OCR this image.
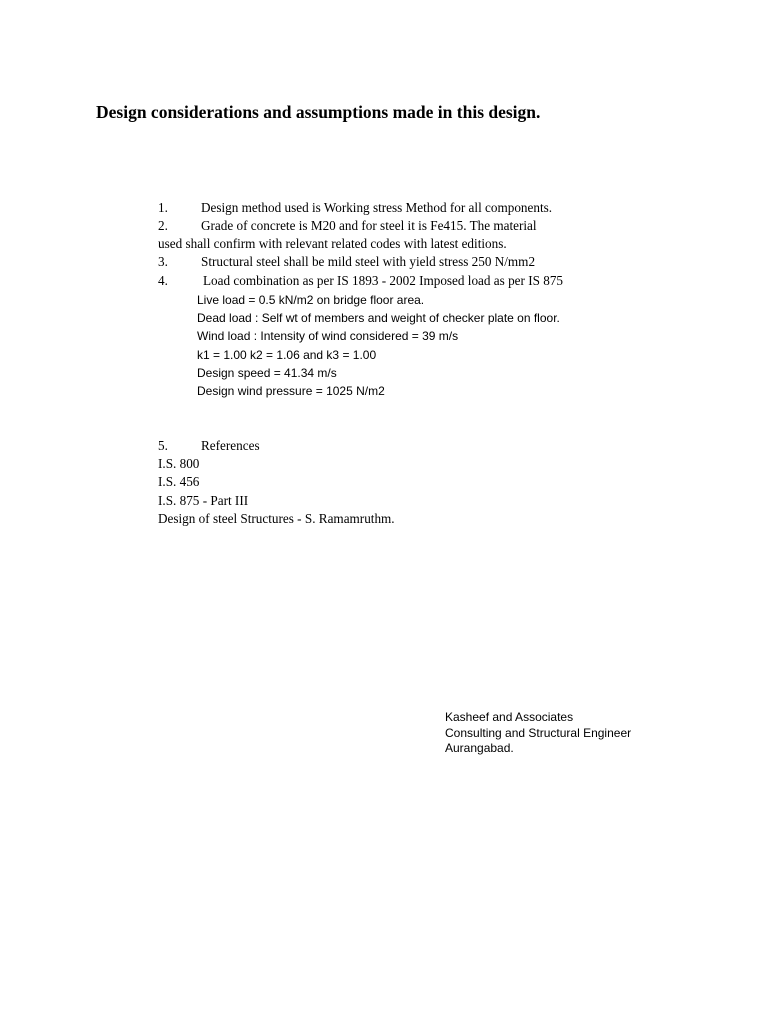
Design considerations and assumptions made in this design.
1.	Design method used is Working stress Method for all components.
2.	Grade of concrete is M20 and for steel it is Fe415. The material
used shall confirm with relevant related codes with latest editions.
3.	Structural steel shall be mild steel with yield stress 250 N/mm2
4.	Load combination as per IS 1893 - 2002 Imposed load as per IS 875
Live load = 0.5 kN/m2 on bridge floor area.
Dead load : Self wt of members and weight of checker plate on floor.
Wind load : Intensity of wind considered = 39 m/s
k1 = 1.00 k2 = 1.06 and k3 = 1.00
Design speed = 41.34 m/s
Design wind pressure = 1025 N/m2
5.	References
I.S. 800
I.S. 456
I.S. 875 - Part III
Design of steel Structures - S. Ramamruthm.
Kasheef and Associates
Consulting and Structural Engineer
Aurangabad.
